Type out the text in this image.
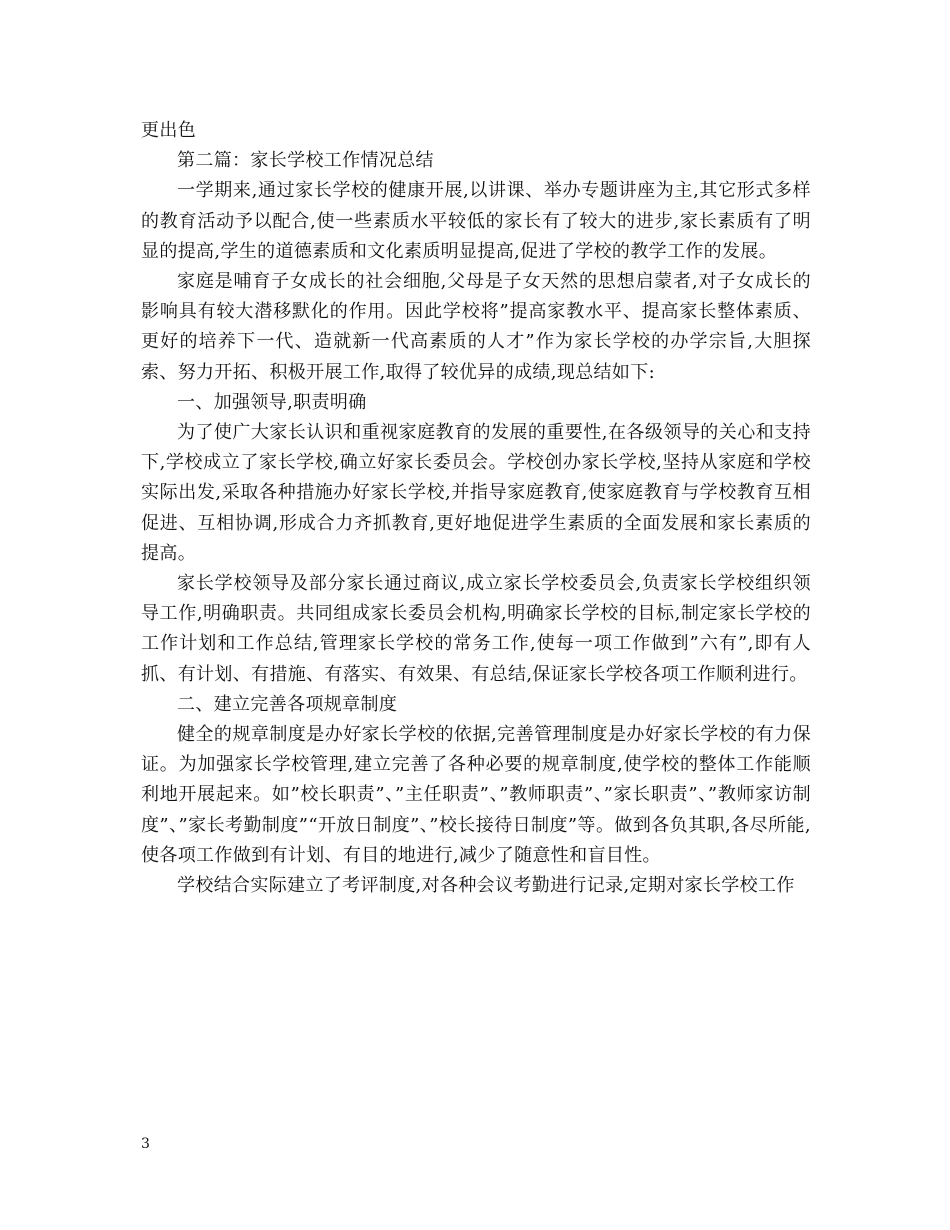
更出色

第二篇：家长学校工作情况总结

一学期来,通过家长学校的健康开展,以讲课、举办专题讲座为主,其它形式多样的教育活动予以配合,使一些素质水平较低的家长有了较大的进步,家长素质有了明显的提高,学生的道德素质和文化素质明显提高,促进了学校的教学工作的发展。

家庭是哺育子女成长的社会细胞,父母是子女天然的思想启蒙者,对子女成长的影响具有较大潜移默化的作用。因此学校将”提高家教水平、提高家长整体素质、更好的培养下一代、造就新一代高素质的人才”作为家长学校的办学宗旨,大胆探索、努力开拓、积极开展工作,取得了较优异的成绩,现总结如下:

一、加强领导,职责明确

为了使广大家长认识和重视家庭教育的发展的重要性,在各级领导的关心和支持下,学校成立了家长学校,确立好家长委员会。学校创办家长学校,坚持从家庭和学校实际出发,采取各种措施办好家长学校,并指导家庭教育,使家庭教育与学校教育互相促进、互相协调,形成合力齐抓教育,更好地促进学生素质的全面发展和家长素质的提高。

家长学校领导及部分家长通过商议,成立家长学校委员会,负责家长学校组织领导工作,明确职责。共同组成家长委员会机构,明确家长学校的目标,制定家长学校的工作计划和工作总结,管理家长学校的常务工作,使每一项工作做到”六有”,即有人抓、有计划、有措施、有落实、有效果、有总结,保证家长学校各项工作顺利进行。

二、建立完善各项规章制度

健全的规章制度是办好家长学校的依据,完善管理制度是办好家长学校的有力保证。为加强家长学校管理,建立完善了各种必要的规章制度,使学校的整体工作能顺利地开展起来。如”校长职责”、”主任职责”、”教师职责”、”家长职责”、”教师家访制度”、”家长考勤制度”“开放日制度”、”校长接待日制度”等。做到各负其职,各尽所能,使各项工作做到有计划、有目的地进行,减少了随意性和盲目性。

学校结合实际建立了考评制度,对各种会议考勤进行记录,定期对家长学校工作

3
